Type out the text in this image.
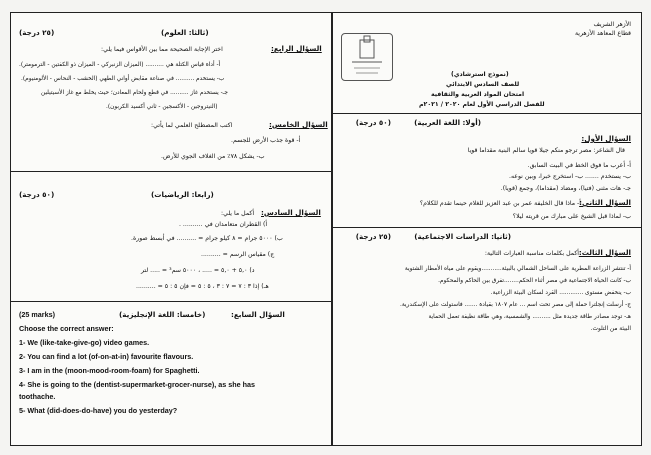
الأزهر الشريف
قطاع المعاهد الأزهرية
(نموذج استرشادي)
للصف السادس الابتدائي
امتحان المواد العربية والثقافية
للفصل الدراسي الأول لعام ٢٠٢٠ / ٢٠٢١م
(أولا: اللغة العربية)
(٥٠ درجة)
السؤال الأول:
قال الشاعر: مصر ترجو منكم جيلا قويا سالم البنية مقداما قويا
أ- أعرب ما فوق الخط في البيت السابق.
ب- يستخدم ....... ب- استخرج خبرا، وبين نوعه.
جـ- هات مثنى (فتيا)، ومضاد (مقداما)، وجمع (قويا).
السؤال الثاني:
أ- ماذا قال الخليفة عمر بن عبد العزيز للغلام حينما تقدم للكلام؟
ب- لماذا قبل الشيخ على مبارك من قريته ليلا؟
(ثانيا: الدراسات الاجتماعية)
(٢٥ درجة)
السؤال الثالث:
أكمل بكلمات مناسبة العبارات التالية:
أ- تنتشر الزراعة المطرية على الساحل الشمالي بالبيئة...........ويقوم على مياه الأمطار الشتوية
ب- كانت الحياة الاجتماعية في مصر أثناء الحكم........تفرق بين الحاكم والمحكوم.
ب- ينخفض مستوى ............. القرد لسكان البيئة الزراعية.
ج- أرسلت إنجلترا حملة إلى مصر تحت اسم ... عام ١٨٠٧ بقيادة ....... فاستولت على الإسكندرية.
هـ- توجد مصادر طاقة جديدة مثل .......... والشمسية، وهي طاقة نظيفة تعمل الحماية
البيئة من التلوث.
(ثالثا: العلوم)
(٢٥ درجة)
السؤال الرابع:
اختر الإجابة الصحيحة مما بين الأقواس فيما يلي:
أ- أداة قياس الكتلة هي .......... (الميزان الزنبركي - الميزان ذو الكفتين - الترمومتر).
ب- يستخدم .......... في صناعة مقابض أواني الطهي (الخشب - النحاس - الألومنيوم).
جـ- يستخدم غاز .......... في قطع ولحام المعادن؛ حيث يخلط مع غاز الأسيتيلين
(النيتروجين - الأكسجين - ثاني أكسيد الكربون).
السؤال الخامس:
اكتب المصطلح العلمي لما يأتي:
أ- قوة جذب الأرض للجسم.
ب- يشكل ٧٨٪ من الغلاف الجوي للأرض.
(رابعا: الرياضيات)
(٥٠ درجة)
السؤال السادس:
أكمل ما يلي:
أ) القطران متعامدان في .......... .
ب) ٥٠٠٠ جرام = ٨ كيلو جرام = .......... في أبسط صورة.
ج) مقياس الرسم = ..........
د) ٥,٠ + ٥,٠ = ..... ، ٥٠٠٠ سم³ = ..... لتر
هـ) إذا ٣ : ٧ = ٧ : ٣ ، ٥ : ٥ = فإن ٥ : ٥ = ..........
السؤال السابع:
(خامسا: اللغة الإنجليزية)
(25 marks)
Choose the correct answer:
1- We (like-take-give-go) video games.
2- You can find a lot (of-on-at-in) favourite flavours.
3- I am in the (moon-mood-room-foam) for Spaghetti.
4- She is going to the (dentist-supermarket-grocer-nurse), as she has
toothache.
5- What (did-does-do-have) you do yesterday?
